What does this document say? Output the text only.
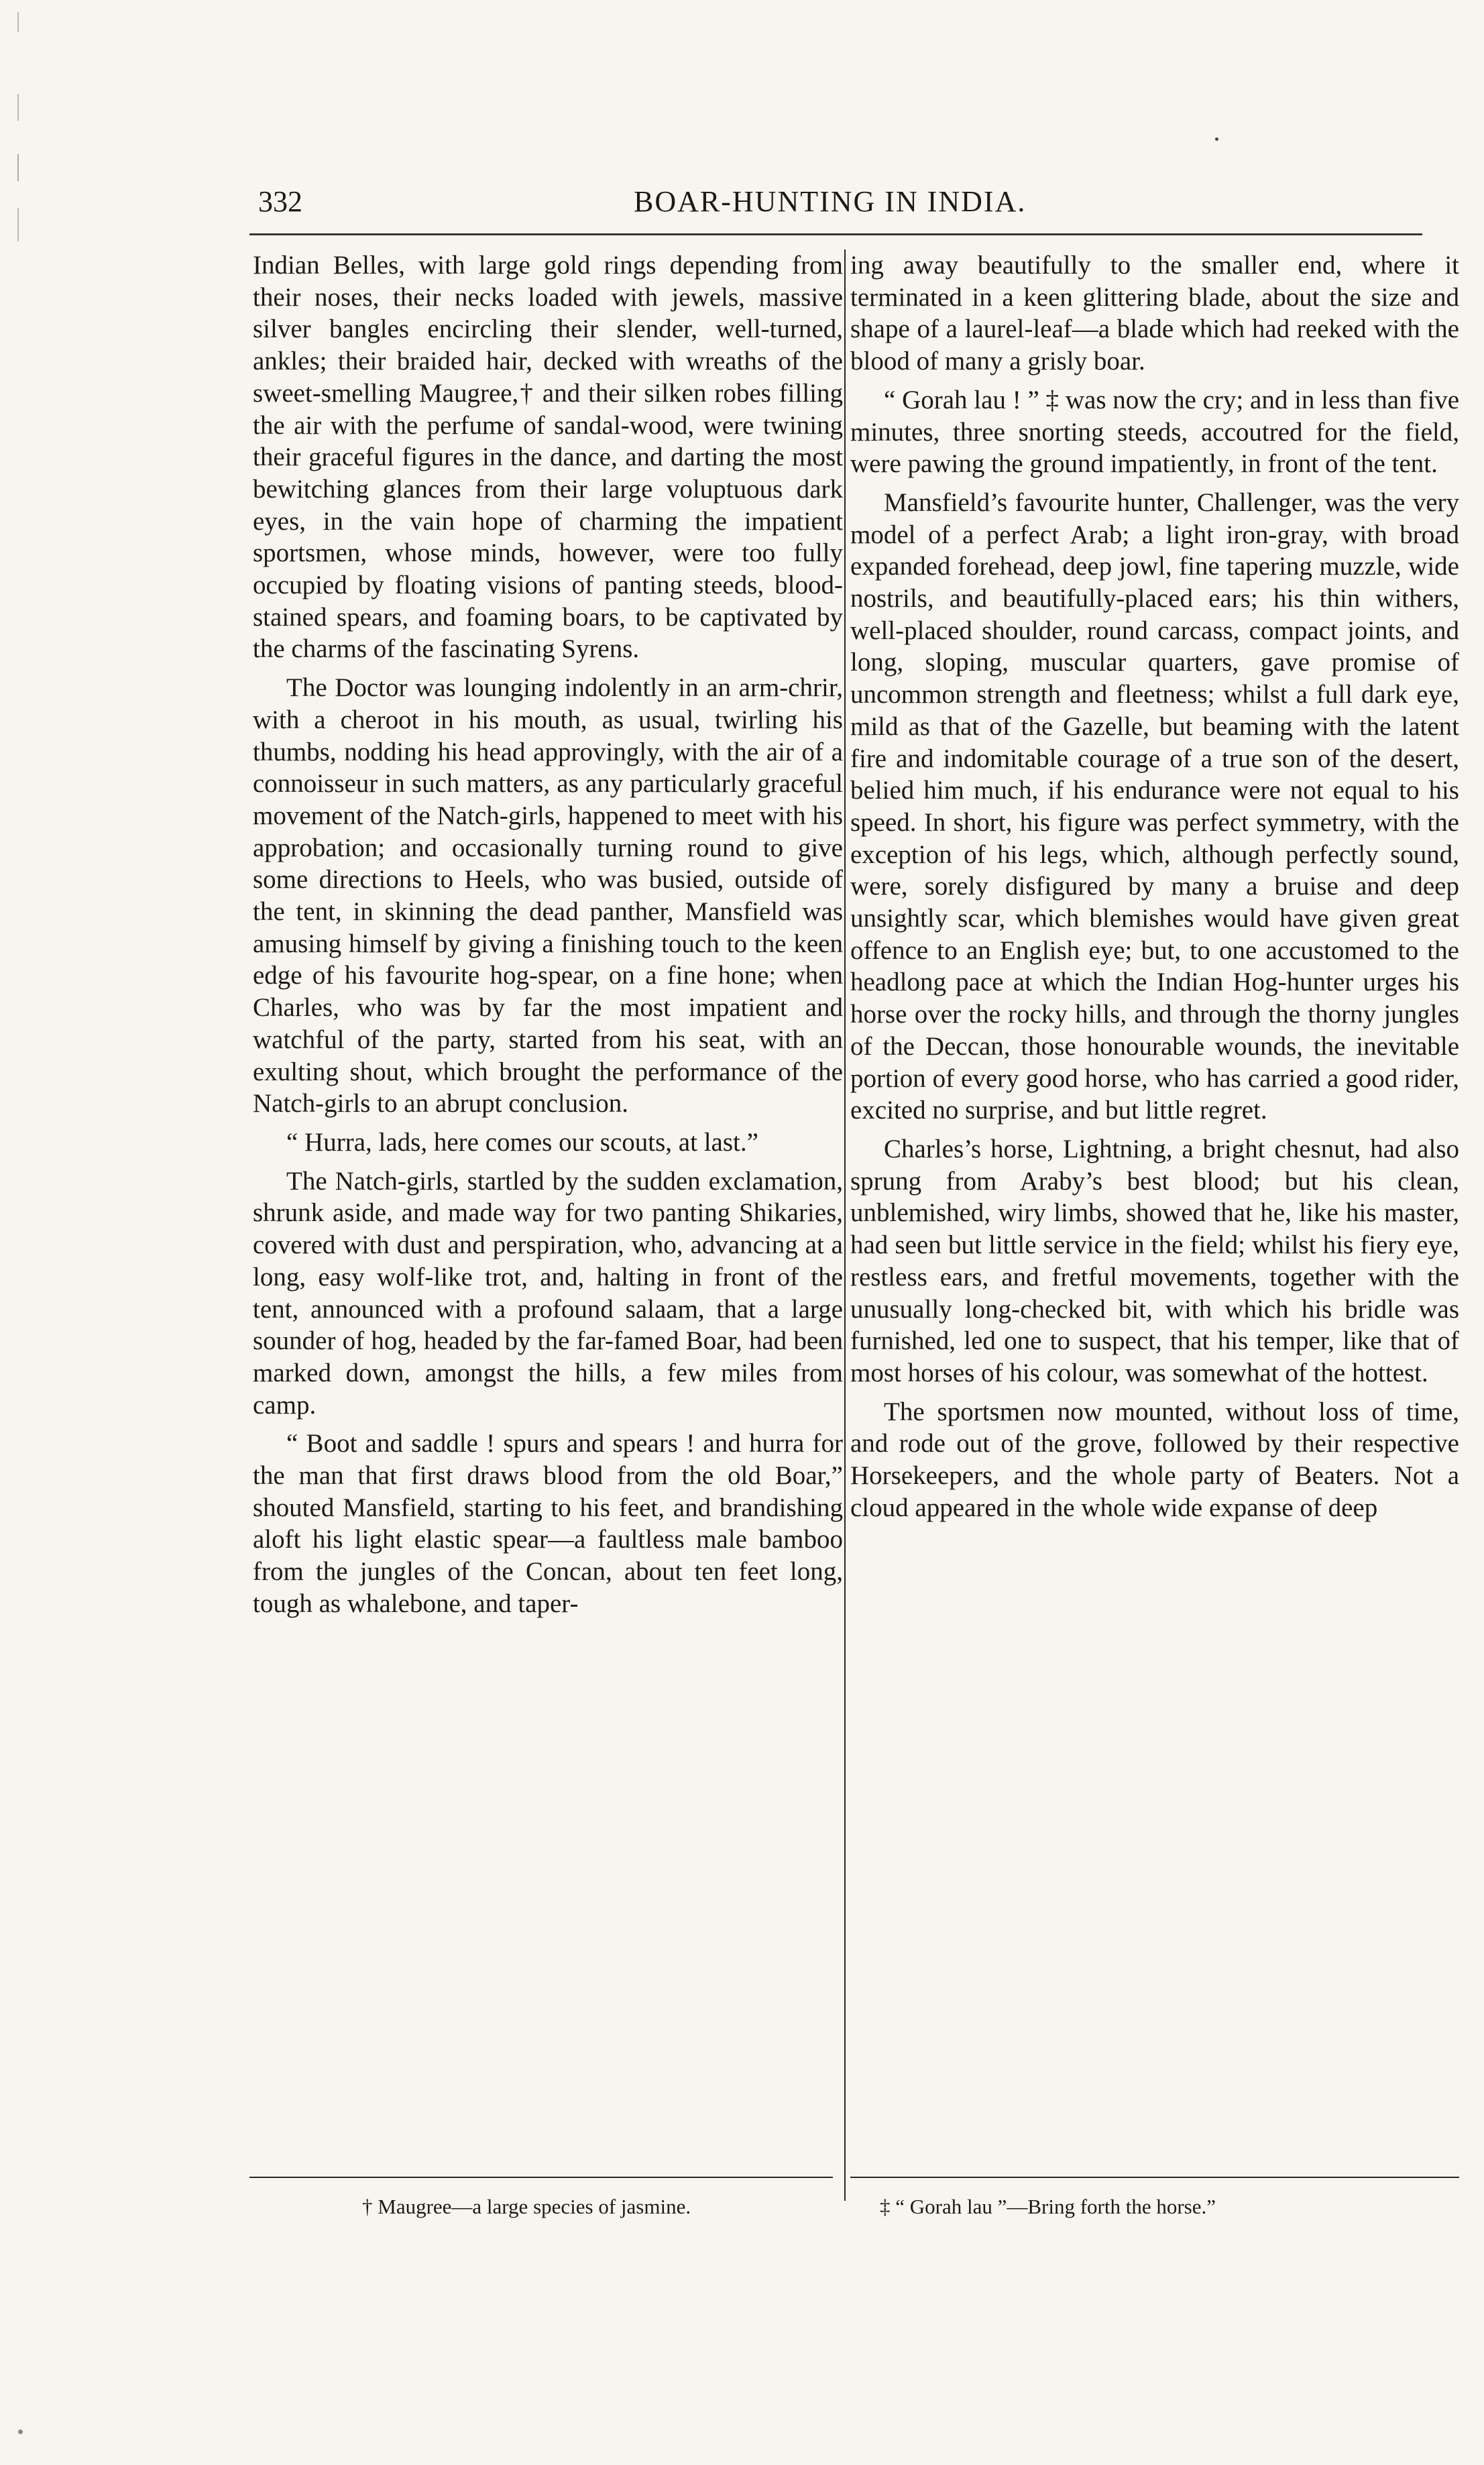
332	BOAR-HUNTING IN INDIA.

Indian Belles, with large gold rings depending from their noses, their necks loaded with jewels, massive silver bangles encircling their slender, well-turned, ankles; their braided hair, decked with wreaths of the sweet-smelling Maugree,† and their silken robes filling the air with the perfume of sandal-wood, were twining their graceful figures in the dance, and darting the most bewitching glances from their large voluptuous dark eyes, in the vain hope of charming the impatient sportsmen, whose minds, however, were too fully occupied by floating visions of panting steeds, blood-stained spears, and foaming boars, to be captivated by the charms of the fascinating Syrens.

The Doctor was lounging indolently in an arm-chrir, with a cheroot in his mouth, as usual, twirling his thumbs, nodding his head approvingly, with the air of a connoisseur in such matters, as any particularly graceful movement of the Natch-girls, happened to meet with his approbation; and occasionally turning round to give some directions to Heels, who was busied, outside of the tent, in skinning the dead panther, Mansfield was amusing himself by giving a finishing touch to the keen edge of his favourite hog-spear, on a fine hone; when Charles, who was by far the most impatient and watchful of the party, started from his seat, with an exulting shout, which brought the performance of the Natch-girls to an abrupt conclusion.

“ Hurra, lads, here comes our scouts, at last.”

The Natch-girls, startled by the sudden exclamation, shrunk aside, and made way for two panting Shikaries, covered with dust and perspiration, who, advancing at a long, easy wolf-like trot, and, halting in front of the tent, announced with a profound salaam, that a large sounder of hog, headed by the far-famed Boar, had been marked down, amongst the hills, a few miles from camp.

“ Boot and saddle ! spurs and spears ! and hurra for the man that first draws blood from the old Boar,” shouted Mansfield, starting to his feet, and brandishing aloft his light elastic spear—a faultless male bamboo from the jungles of the Concan, about ten feet long, tough as whalebone, and taper-

ing away beautifully to the smaller end, where it terminated in a keen glittering blade, about the size and shape of a laurel-leaf—a blade which had reeked with the blood of many a grisly boar.

“ Gorah lau ! ” ‡ was now the cry; and in less than five minutes, three snorting steeds, accoutred for the field, were pawing the ground impatiently, in front of the tent.

Mansfield’s favourite hunter, Challenger, was the very model of a perfect Arab; a light iron-gray, with broad expanded forehead, deep jowl, fine tapering muzzle, wide nostrils, and beautifully-placed ears; his thin withers, well-placed shoulder, round carcass, compact joints, and long, sloping, muscular quarters, gave promise of uncommon strength and fleetness; whilst a full dark eye, mild as that of the Gazelle, but beaming with the latent fire and indomitable courage of a true son of the desert, belied him much, if his endurance were not equal to his speed. In short, his figure was perfect symmetry, with the exception of his legs, which, although perfectly sound, were, sorely disfigured by many a bruise and deep unsightly scar, which blemishes would have given great offence to an English eye; but, to one accustomed to the headlong pace at which the Indian Hog-hunter urges his horse over the rocky hills, and through the thorny jungles of the Deccan, those honourable wounds, the inevitable portion of every good horse, who has carried a good rider, excited no surprise, and but little regret.

Charles’s horse, Lightning, a bright chesnut, had also sprung from Araby’s best blood; but his clean, unblemished, wiry limbs, showed that he, like his master, had seen but little service in the field; whilst his fiery eye, restless ears, and fretful movements, together with the unusually long-checked bit, with which his bridle was furnished, led one to suspect, that his temper, like that of most horses of his colour, was somewhat of the hottest.

The sportsmen now mounted, without loss of time, and rode out of the grove, followed by their respective Horsekeepers, and the whole party of Beaters. Not a cloud appeared in the whole wide expanse of deep

† Maugree—a large species of jasmine.	‡ “ Gorah lau ”—Bring forth the horse.”
